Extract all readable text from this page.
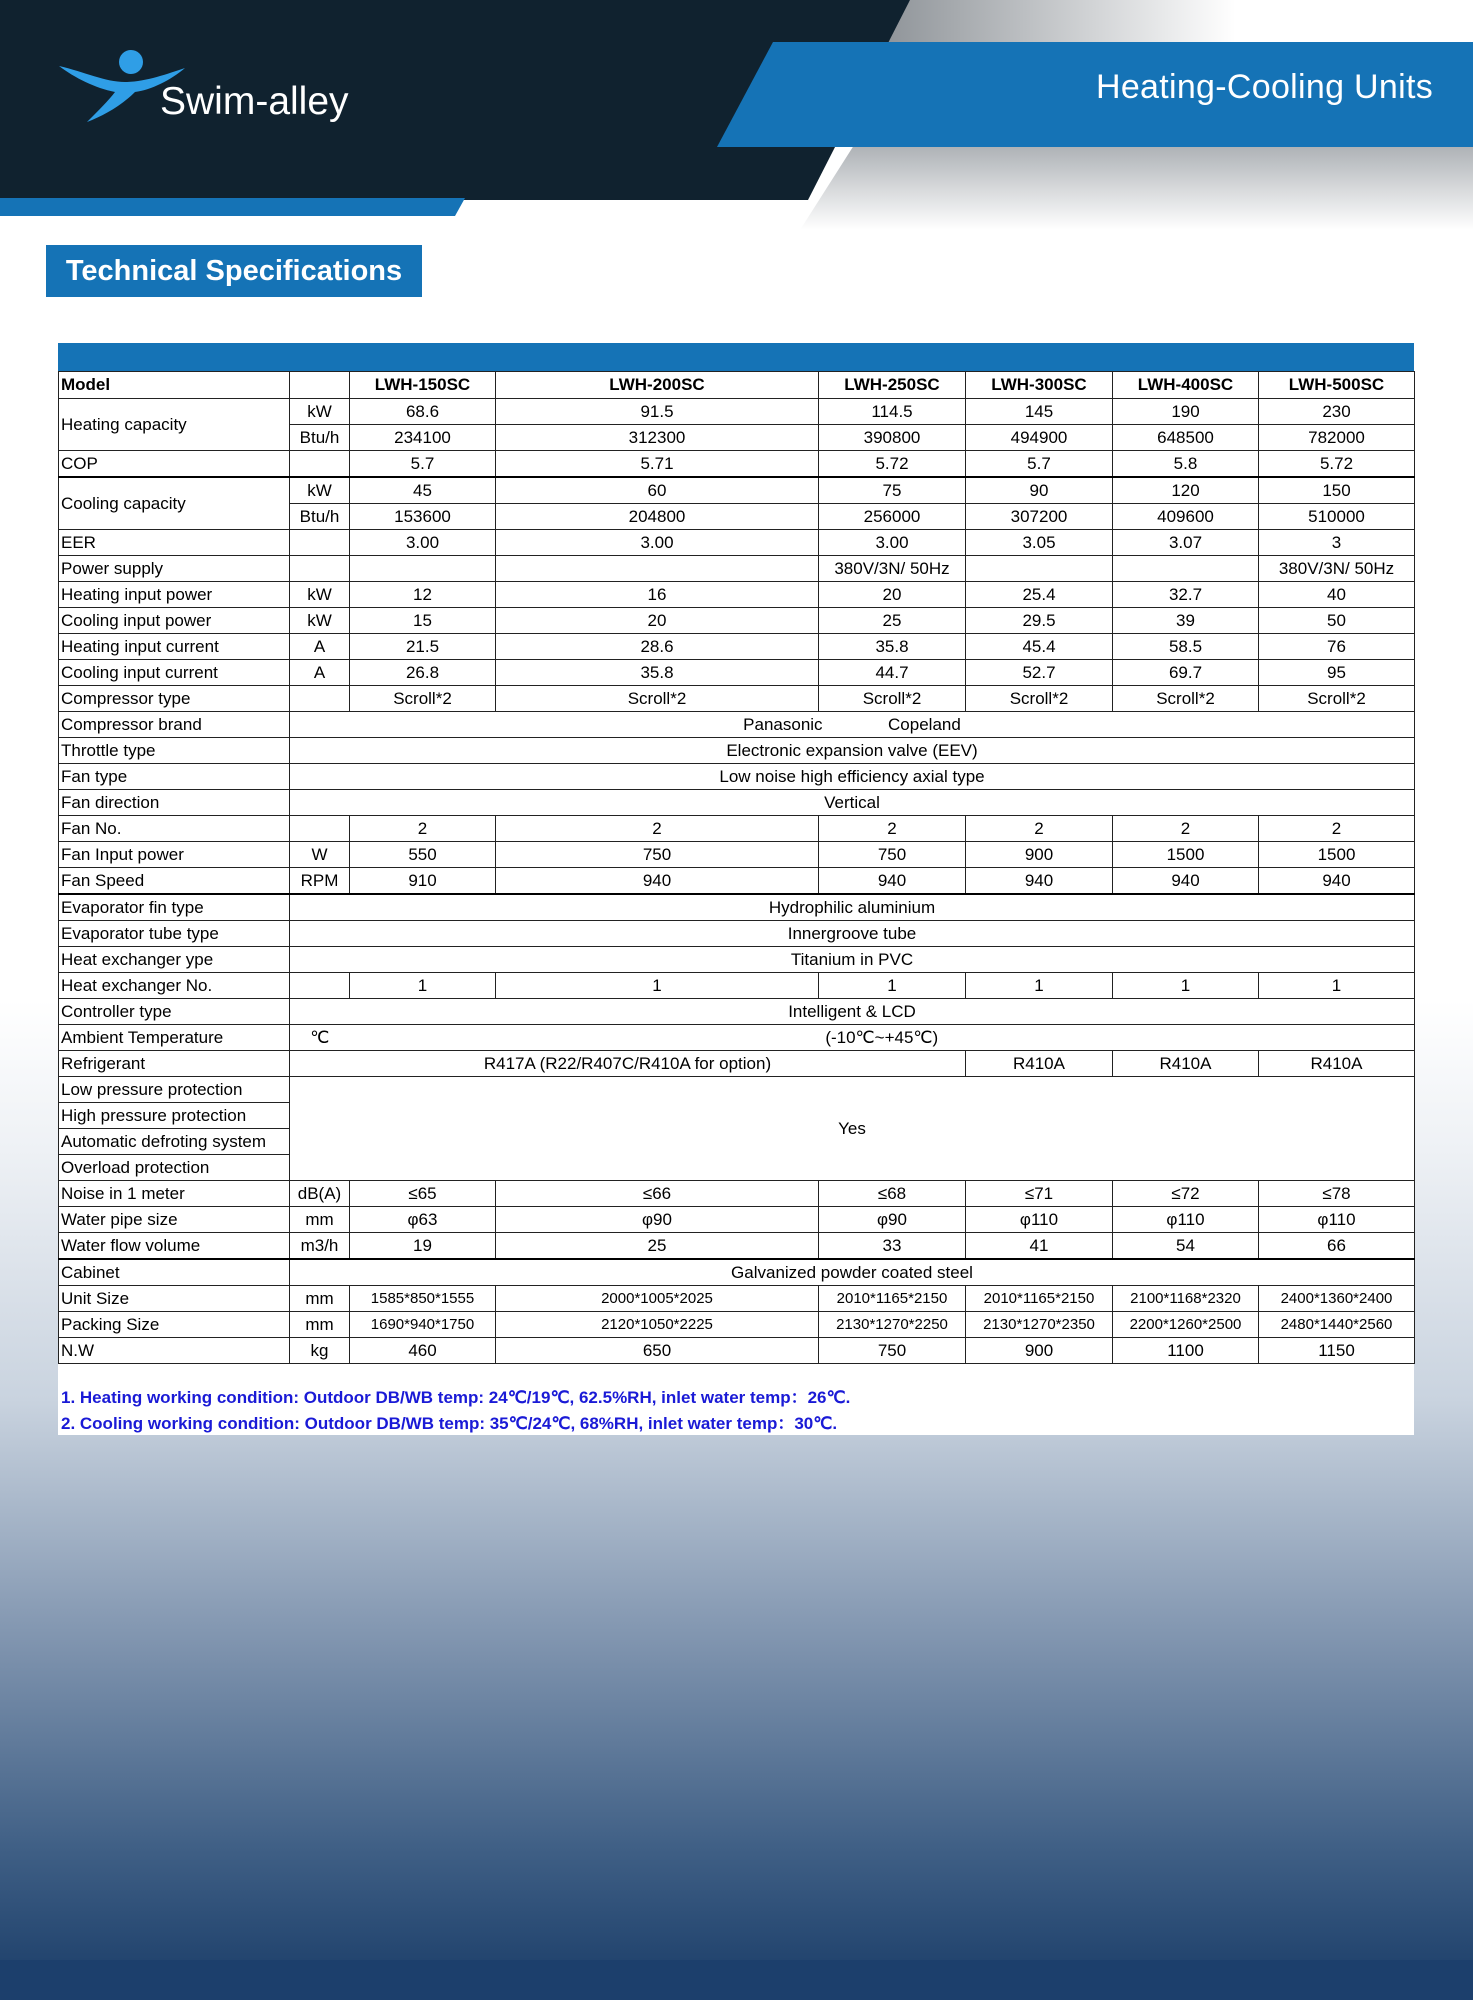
Heating-Cooling Units
Swim-alley
Technical Specifications
Model		LWH-150SC	LWH-200SC	LWH-250SC	LWH-300SC	LWH-400SC	LWH-500SC
Heating capacity	kW	68.6	91.5	114.5	145	190	230
	Btu/h	234100	312300	390800	494900	648500	782000
COP		5.7	5.71	5.72	5.7	5.8	5.72
Cooling capacity	kW	45	60	75	90	120	150
	Btu/h	153600	204800	256000	307200	409600	510000
EER		3.00	3.00	3.00	3.05	3.07	3
Power supply				380V/3N/ 50Hz			380V/3N/ 50Hz
Heating input power	kW	12	16	20	25.4	32.7	40
Cooling input power	kW	15	20	25	29.5	39	50
Heating input current	A	21.5	28.6	35.8	45.4	58.5	76
Cooling input current	A	26.8	35.8	44.7	52.7	69.7	95
Compressor type		Scroll*2	Scroll*2	Scroll*2	Scroll*2	Scroll*2	Scroll*2
Compressor brand	Panasonic Copeland						
Throttle type	Electronic expansion valve (EEV)						
Fan type	Low noise high efficiency axial type						
Fan direction	Vertical						
Fan No.		2	2	2	2	2	2
Fan Input power	W	550	750	750	900	1500	1500
Fan Speed	RPM	910	940	940	940	940	940
Evaporator fin type	Hydrophilic aluminium						
Evaporator tube type	Innergroove tube						
Heat exchanger ype	Titanium in PVC						
Heat exchanger No.		1	1	1	1	1	1
Controller type	Intelligent & LCD						
Ambient Temperature	℃	(-10℃~+45℃)					
Refrigerant	R417A (R22/R407C/R410A for option)				R410A	R410A	R410A
Low pressure protection	Yes						
High pressure protection							
Automatic defroting system							
Overload protection							
Noise in 1 meter	dB(A)	≤65	≤66	≤68	≤71	≤72	≤78
Water pipe size	mm	φ63	φ90	φ90	φ110	φ110	φ110
Water flow volume	m3/h	19	25	33	41	54	66
Cabinet	Galvanized powder coated steel						
Unit Size	mm	1585*850*1555	2000*1005*2025	2010*1165*2150	2010*1165*2150	2100*1168*2320	2400*1360*2400
Packing Size	mm	1690*940*1750	2120*1050*2225	2130*1270*2250	2130*1270*2350	2200*1260*2500	2480*1440*2560
N.W	kg	460	650	750	900	1100	1150
1. Heating working condition: Outdoor DB/WB temp: 24℃/19℃, 62.5%RH, inlet water temp：26℃.
2. Cooling working condition: Outdoor DB/WB temp: 35℃/24℃, 68%RH, inlet water temp：30℃.
